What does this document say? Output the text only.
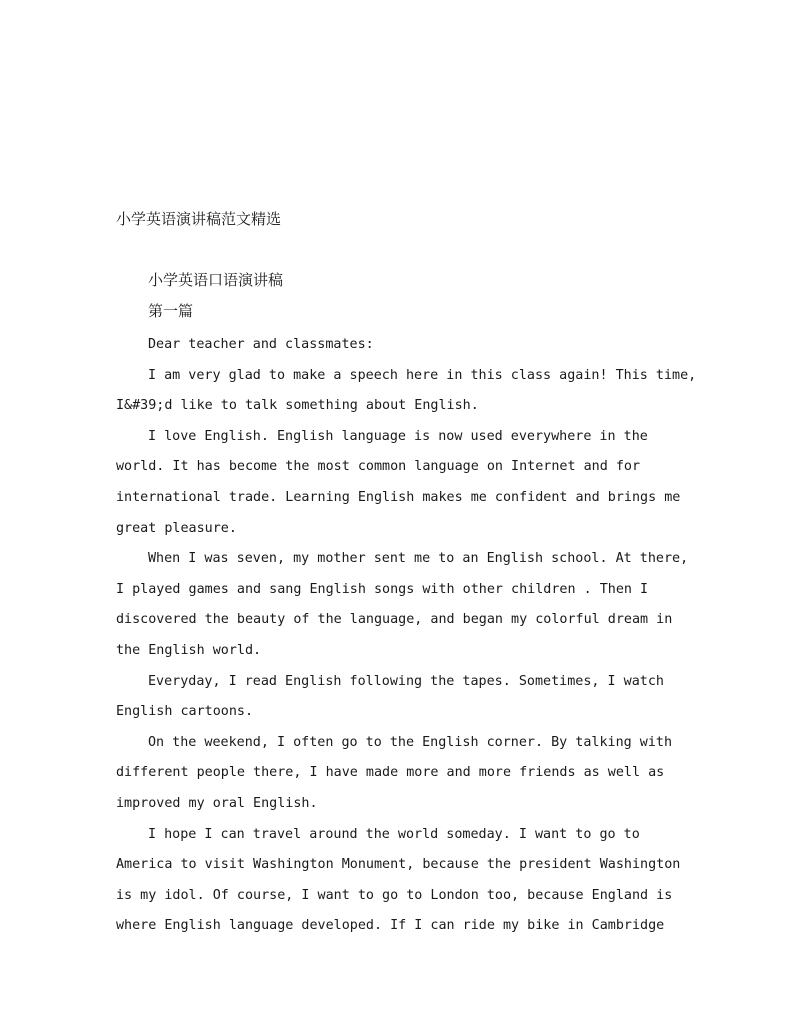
小学英语演讲稿范文精选

小学英语口语演讲稿

第一篇

Dear teacher and classmates:
I am very glad to make a speech here in this class again! This time,
I&#39;d like to talk something about English.
I love English. English language is now used everywhere in the
world. It has become the most common language on Internet and for
international trade. Learning English makes me confident and brings me
great pleasure.
When I was seven, my mother sent me to an English school. At there,
I played games and sang English songs with other children . Then I
discovered the beauty of the language, and began my colorful dream in
the English world.
Everyday, I read English following the tapes. Sometimes, I watch
English cartoons.
On the weekend, I often go to the English corner. By talking with
different people there, I have made more and more friends as well as
improved my oral English.
I hope I can travel around the world someday. I want to go to
America to visit Washington Monument, because the president Washington
is my idol. Of course, I want to go to London too, because England is
where English language developed. If I can ride my bike in Cambridge
